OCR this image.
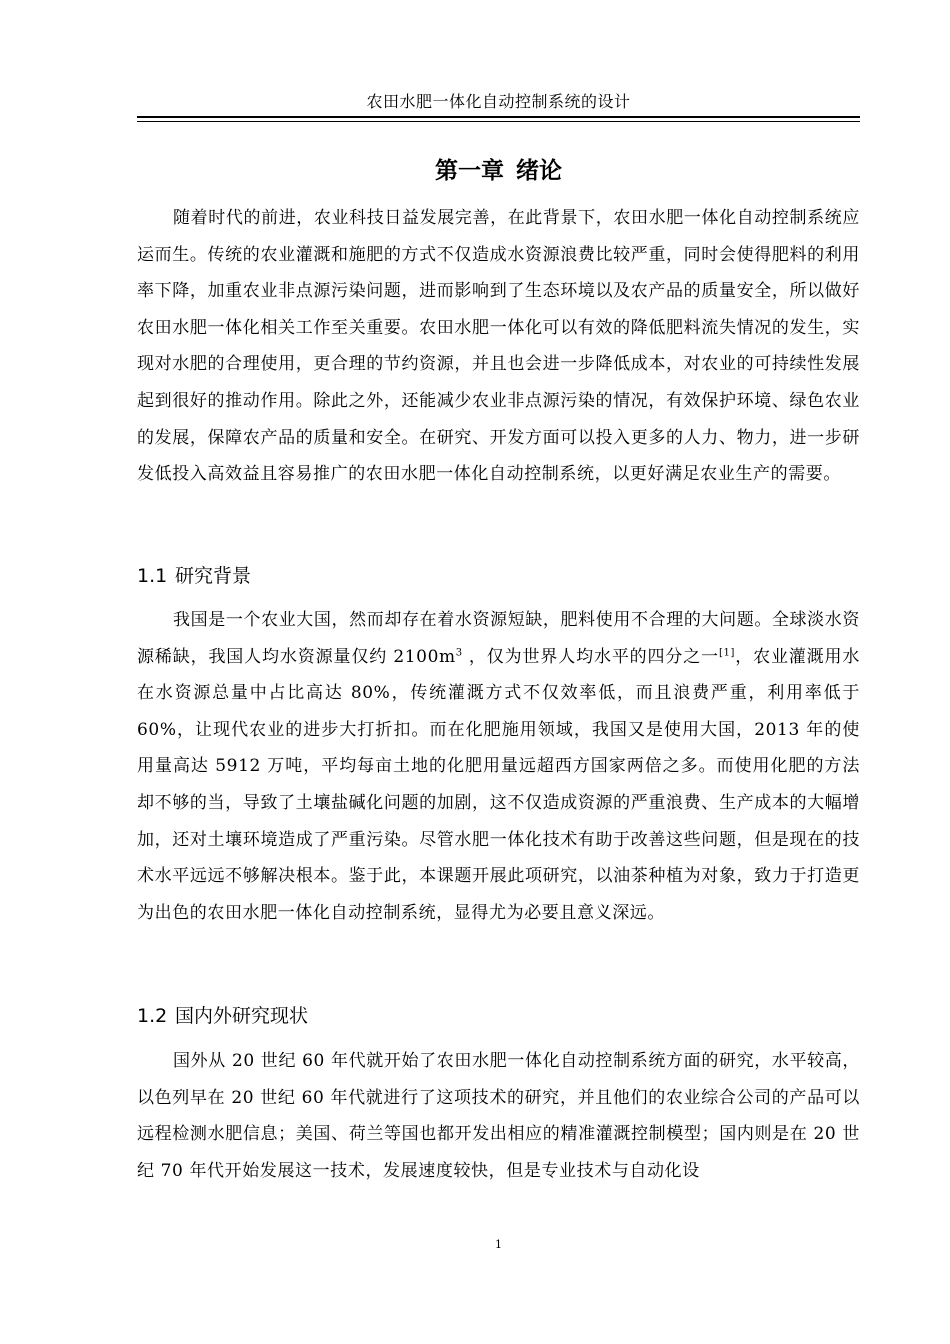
农田水肥一体化自动控制系统的设计
第一章 绪论

随着时代的前进，农业科技日益发展完善，在此背景下，农田水肥一体化自动控制系统应运而生。传统的农业灌溉和施肥的方式不仅造成水资源浪费比较严重，同时会使得肥料的利用率下降，加重农业非点源污染问题，进而影响到了生态环境以及农产品的质量安全，所以做好农田水肥一体化相关工作至关重要。农田水肥一体化可以有效的降低肥料流失情况的发生，实现对水肥的合理使用，更合理的节约资源，并且也会进一步降低成本，对农业的可持续性发展起到很好的推动作用。除此之外，还能减少农业非点源污染的情况，有效保护环境、绿色农业的发展，保障农产品的质量和安全。在研究、开发方面可以投入更多的人力、物力，进一步研发低投入高效益且容易推广的农田水肥一体化自动控制系统，以更好满足农业生产的需要。

1.1 研究背景

我国是一个农业大国，然而却存在着水资源短缺，肥料使用不合理的大问题。全球淡水资源稀缺，我国人均水资源量仅约 $2100m^3$ ，仅为世界人均水平的四分之一[1]，农业灌溉用水在水资源总量中占比高达 80%，传统灌溉方式不仅效率低，而且浪费严重，利用率低于 60%，让现代农业的进步大打折扣。而在化肥施用领域，我国又是使用大国，2013 年的使用量高达 5912 万吨，平均每亩土地的化肥用量远超西方国家两倍之多。而使用化肥的方法却不够的当，导致了土壤盐碱化问题的加剧，这不仅造成资源的严重浪费、生产成本的大幅增加，还对土壤环境造成了严重污染。尽管水肥一体化技术有助于改善这些问题，但是现在的技术水平远远不够解决根本。鉴于此，本课题开展此项研究，以油茶种植为对象，致力于打造更为出色的农田水肥一体化自动控制系统，显得尤为必要且意义深远。

1.2 国内外研究现状

国外从 20 世纪 60 年代就开始了农田水肥一体化自动控制系统方面的研究，水平较高，以色列早在 20 世纪 60 年代就进行了这项技术的研究，并且他们的农业综合公司的产品可以远程检测水肥信息；美国、荷兰等国也都开发出相应的精准灌溉控制模型；国内则是在 20 世纪 70 年代开始发展这一技术，发展速度较快，但是专业技术与自动化设

1
